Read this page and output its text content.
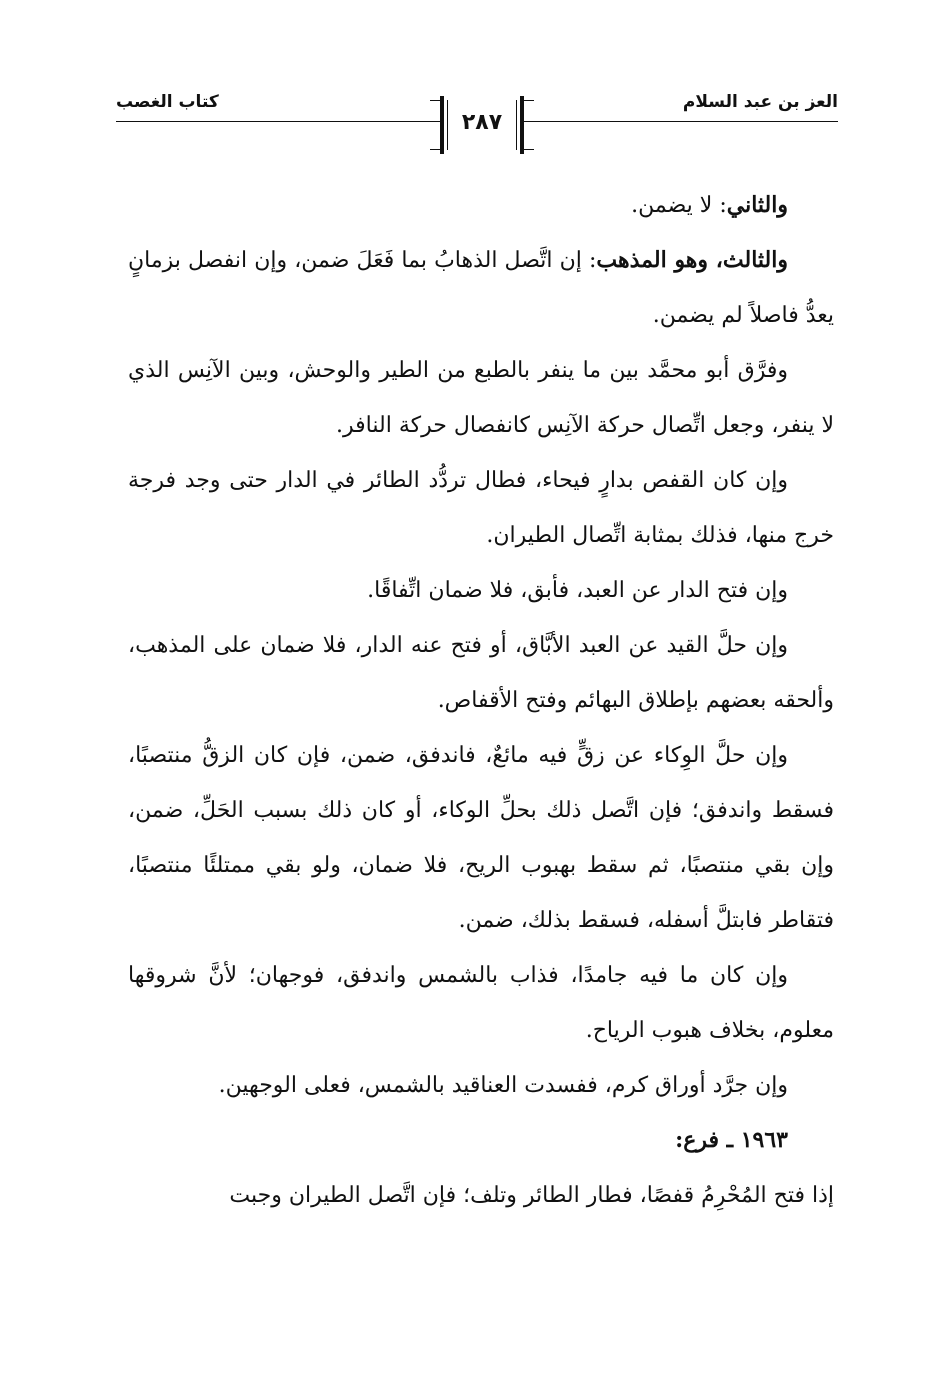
العز بن عبد السلام
كتاب الغصب
٢٨٧

والثاني: لا يضمن.

والثالث، وهو المذهب: إن اتَّصل الذهابُ بما فَعَلَ ضمن، وإن انفصل بزمانٍ يعدُّ فاصلاً لم يضمن.

وفرَّق أبو محمَّد بين ما ينفر بالطبع من الطير والوحش، وبين الآنِس الذي لا ينفر، وجعل اتِّصال حركة الآنِس كانفصال حركة النافر.

وإن كان القفص بدارٍ فيحاء، فطال تردُّد الطائر في الدار حتى وجد فرجة خرج منها، فذلك بمثابة اتِّصال الطيران.

وإن فتح الدار عن العبد، فأبق، فلا ضمان اتِّفاقًا.

وإن حلَّ القيد عن العبد الأبَّاق، أو فتح عنه الدار، فلا ضمان على المذهب، وألحقه بعضهم بإطلاق البهائم وفتح الأقفاص.

وإن حلَّ الوِكاء عن زقٍّ فيه مائعٌ، فاندفق، ضمن، فإن كان الزقُّ منتصبًا، فسقط واندفق؛ فإن اتَّصل ذلك بحلِّ الوكاء، أو كان ذلك بسبب الحَلِّ، ضمن، وإن بقي منتصبًا، ثم سقط بهبوب الريح، فلا ضمان، ولو بقي ممتلئًا منتصبًا، فتقاطر فابتلَّ أسفله، فسقط بذلك، ضمن.

وإن كان ما فيه جامدًا، فذاب بالشمس واندفق، فوجهان؛ لأنَّ شروقها معلوم، بخلاف هبوب الرياح.

وإن جرَّد أوراق كرم، ففسدت العناقيد بالشمس، فعلى الوجهين.

١٩٦٣ ـ فرع:

إذا فتح المُحْرِمُ قفصًا، فطار الطائر وتلف؛ فإن اتَّصل الطيران وجبت
